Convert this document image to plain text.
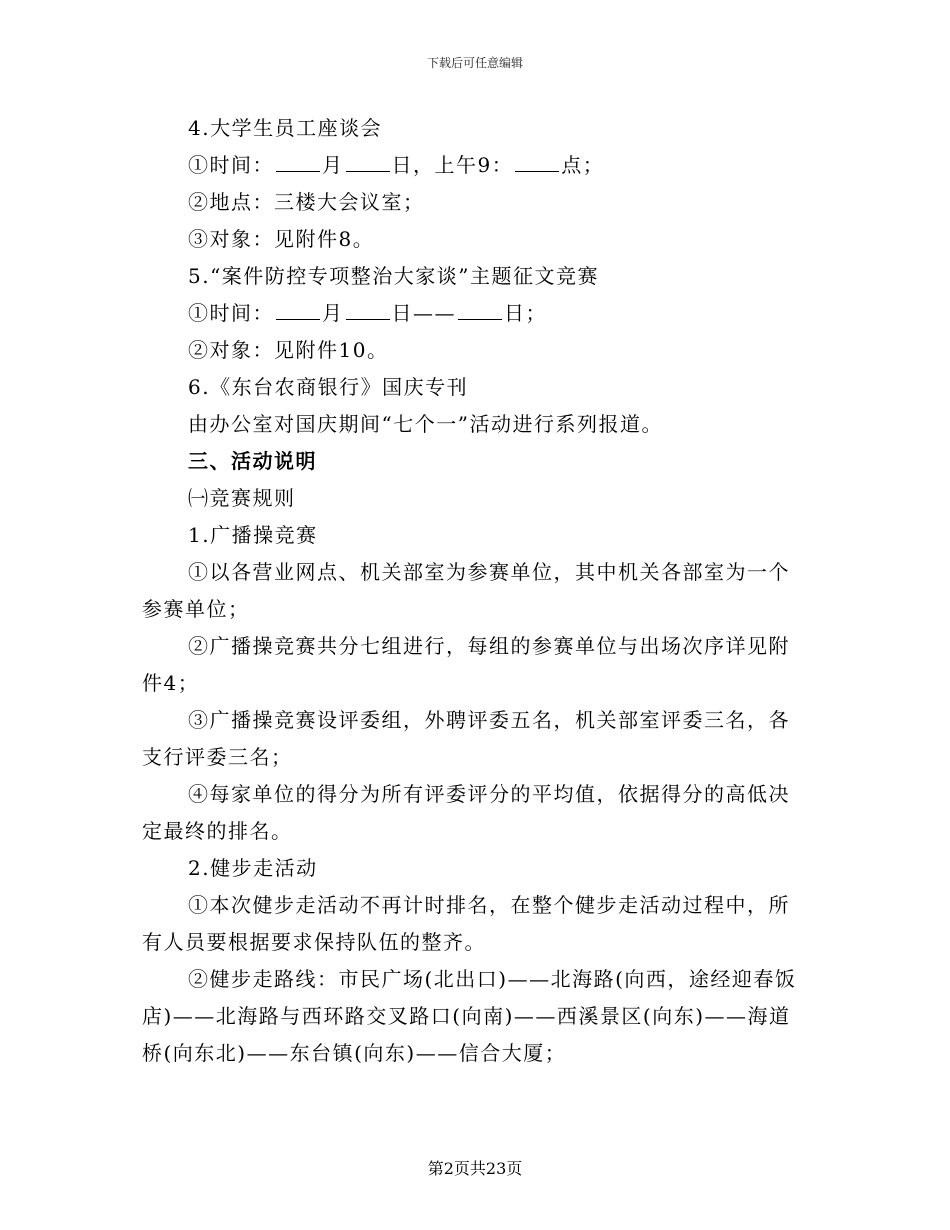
下载后可任意编辑
4.大学生员工座谈会
①时间： 月 日，上午9： 点；
②地点：三楼大会议室；
③对象：见附件8。
5.“案件防控专项整治大家谈”主题征文竞赛
①时间： 月 日—— 日；
②对象：见附件10。
6.《东台农商银行》国庆专刊
由办公室对国庆期间“七个一”活动进行系列报道。
三、活动说明
㈠竞赛规则
1.广播操竞赛
①以各营业网点、机关部室为参赛单位，其中机关各部室为一个参赛单位；
②广播操竞赛共分七组进行，每组的参赛单位与出场次序详见附件4；
③广播操竞赛设评委组，外聘评委五名，机关部室评委三名，各支行评委三名；
④每家单位的得分为所有评委评分的平均值，依据得分的高低决定最终的排名。
2.健步走活动
①本次健步走活动不再计时排名，在整个健步走活动过程中，所有人员要根据要求保持队伍的整齐。
②健步走路线：市民广场(北出口)——北海路(向西，途经迎春饭店)——北海路与西环路交叉路口(向南)——西溪景区(向东)——海道桥(向东北)——东台镇(向东)——信合大厦；
第2页共23页
